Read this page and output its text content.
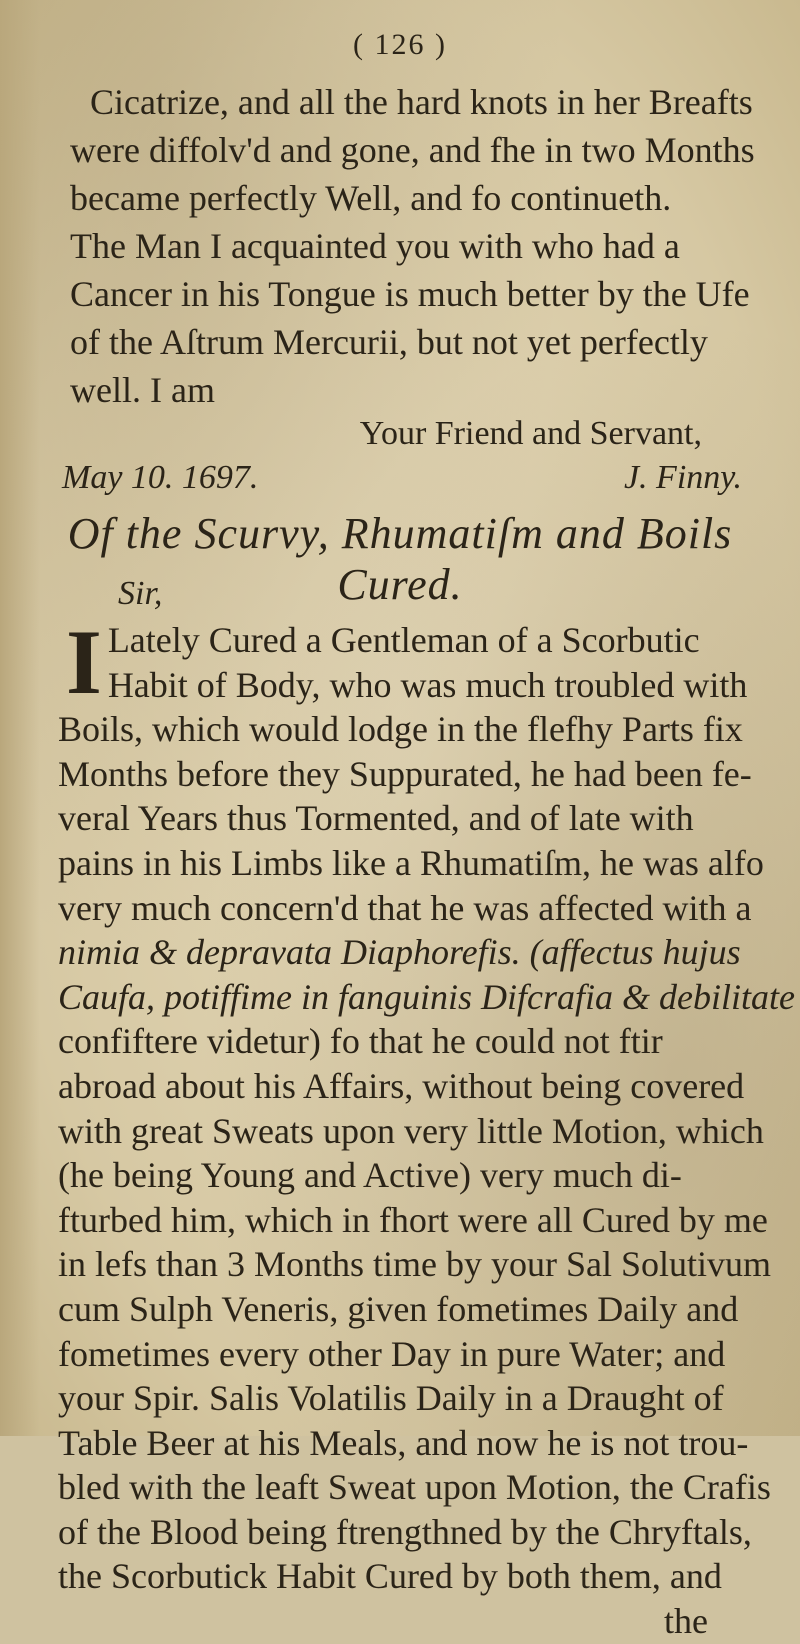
( 126 )
Cicatrize, and all the hard knots in her Breafts
were diffolv'd and gone, and fhe in two Months
became perfectly Well, and fo continueth.
The Man I acquainted you with who had a
Cancer in his Tongue is much better by the Ufe
of the Aſtrum Mercurii, but not yet perfectly
well. I am
Your Friend and Servant,
May 10. 1697.	J. Finny.
Of the Scurvy, Rhumatiſm and Boils Cured.
Sir,
I Lately Cured a Gentleman of a Scorbutic
Habit of Body, who was much troubled with
Boils, which would lodge in the flefhy Parts fix
Months before they Suppurated, he had been fe-
veral Years thus Tormented, and of late with
pains in his Limbs like a Rhumatiſm, he was alfo
very much concern'd that he was affected with a
nimia & depravata Diaphorefis. (affectus hujus
Caufa, potiffime in fanguinis Difcrafia & debilitate
confiftere videtur) fo that he could not ftir
abroad about his Affairs, without being covered
with great Sweats upon very little Motion, which
(he being Young and Active) very much di-
fturbed him, which in fhort were all Cured by me
in lefs than 3 Months time by your Sal Solutivum
cum Sulph Veneris, given fometimes Daily and
fometimes every other Day in pure Water; and
your Spir. Salis Volatilis Daily in a Draught of
Table Beer at his Meals, and now he is not trou-
bled with the leaft Sweat upon Motion, the Crafis
of the Blood being ftrengthned by the Chryftals,
the Scorbutick Habit Cured by both them, and
the
